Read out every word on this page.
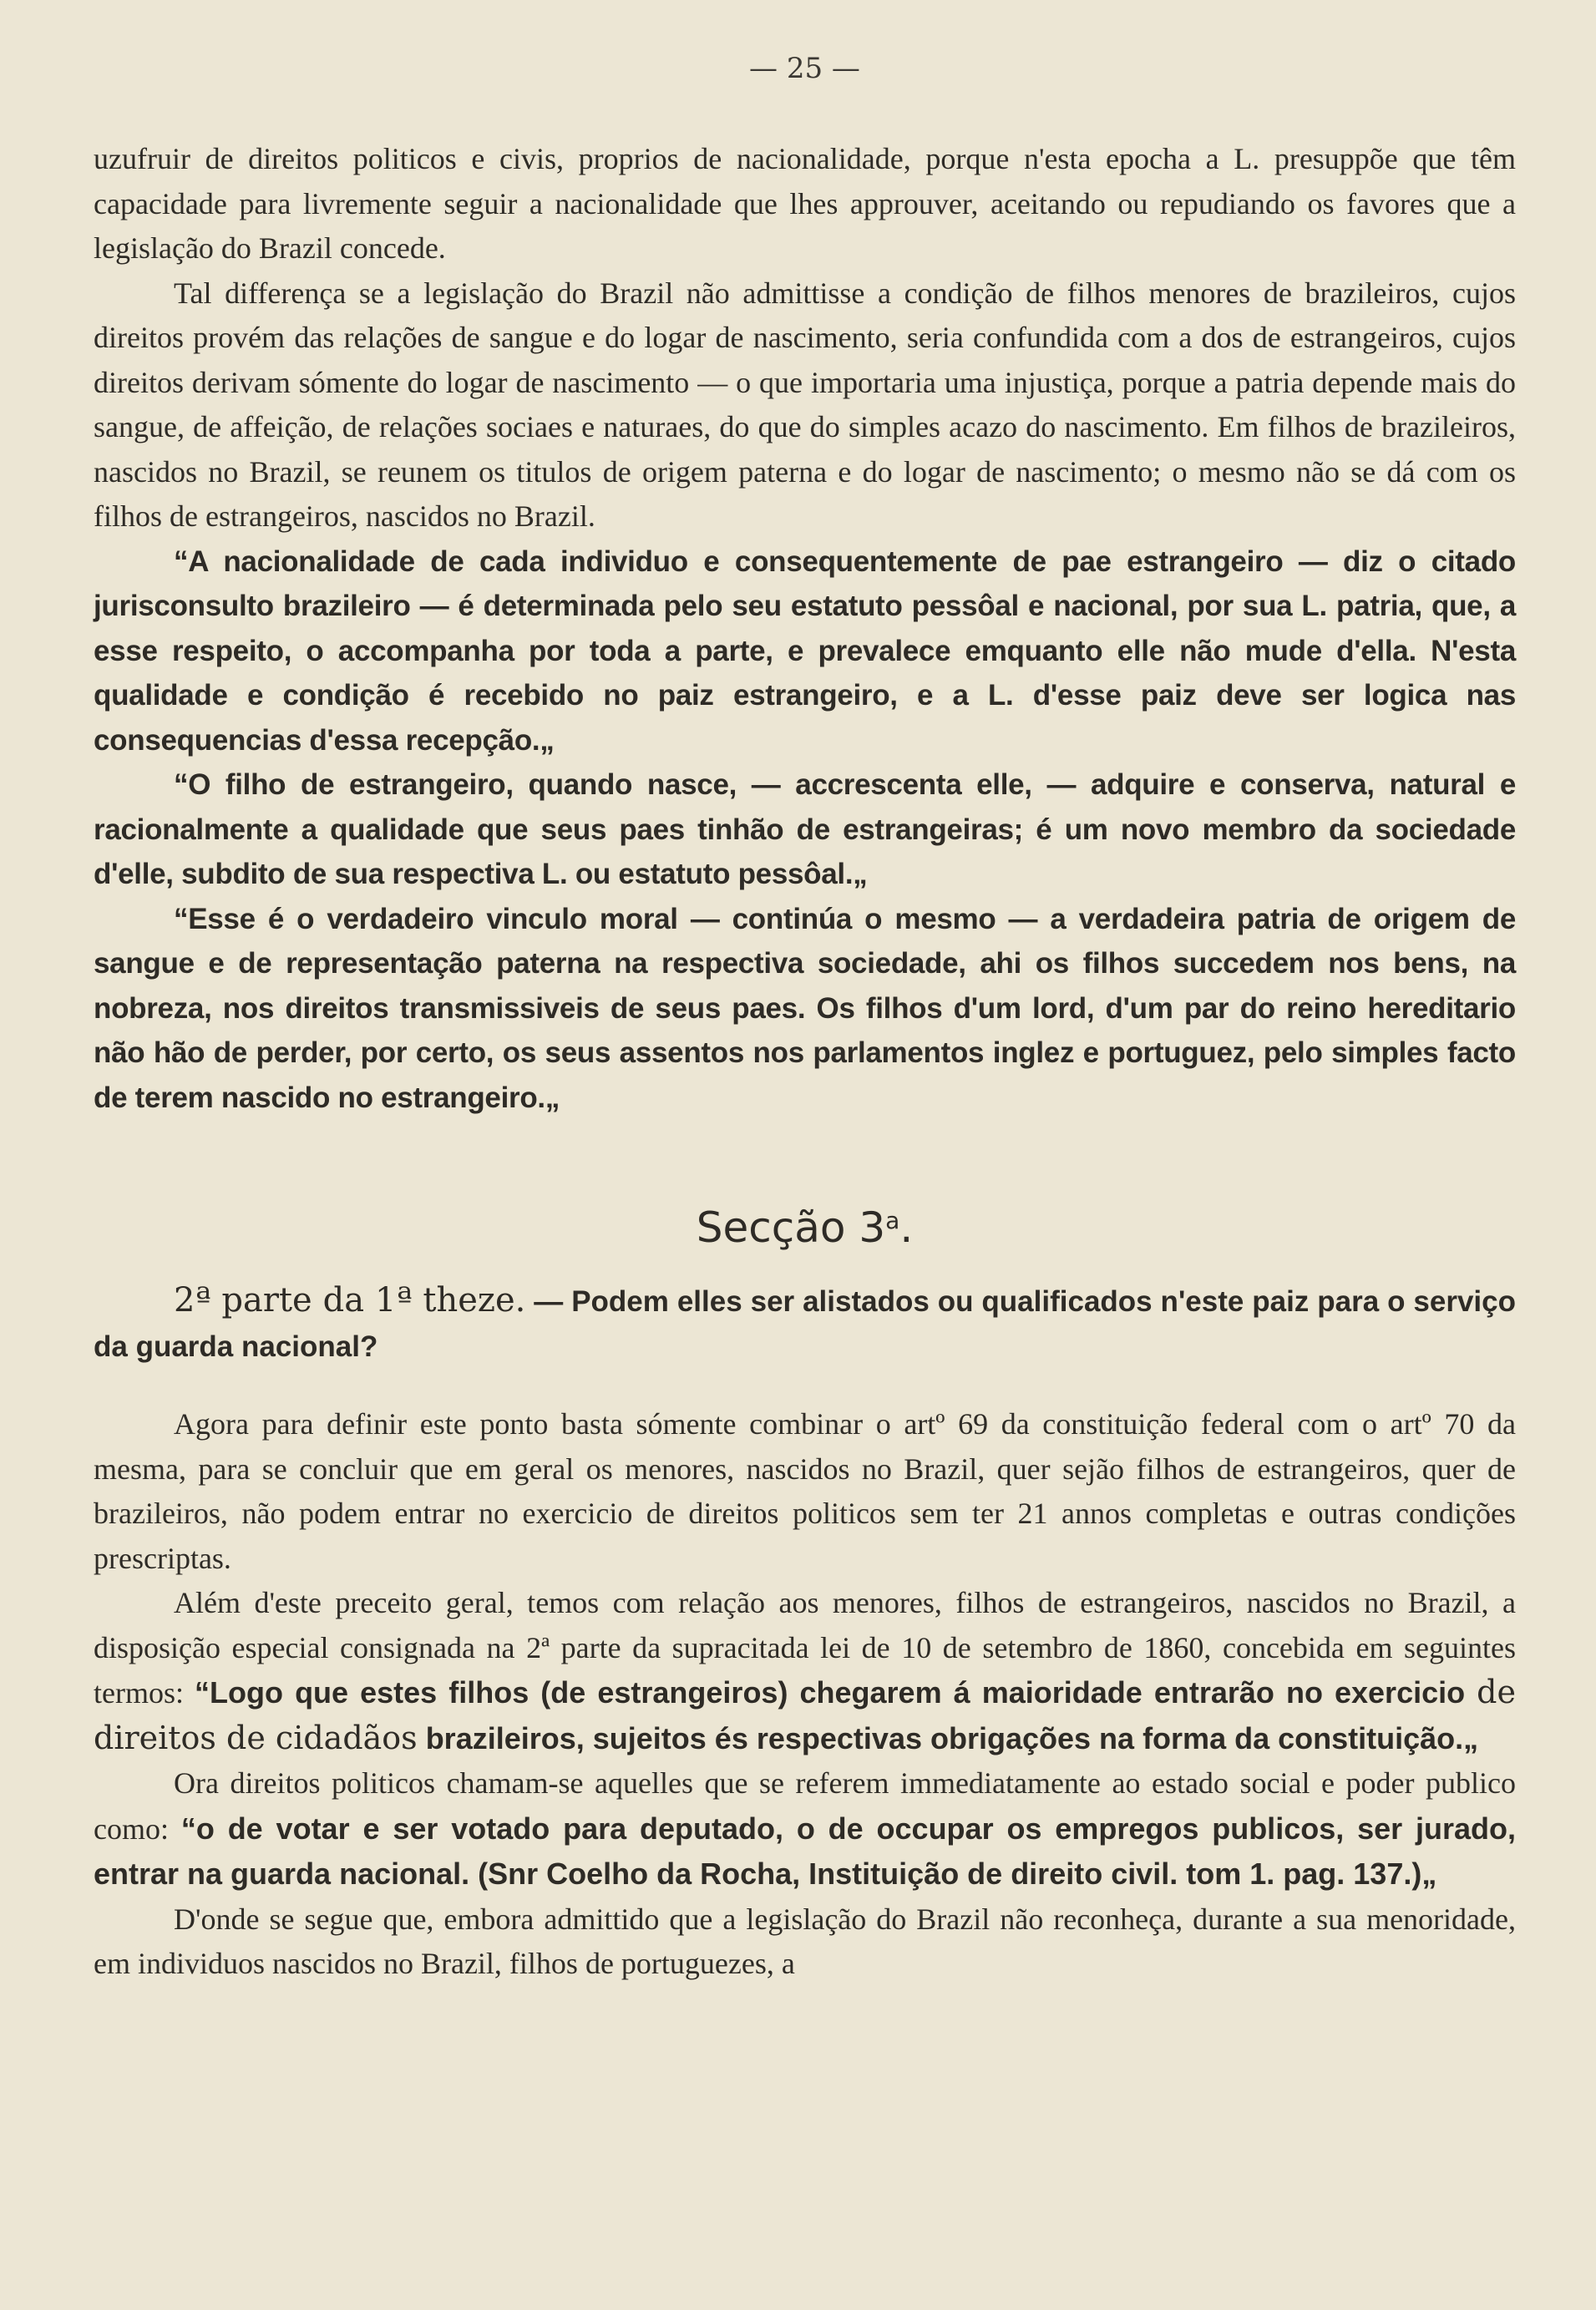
— 25 —

uzufruir de direitos politicos e civis, proprios de nacionalidade, porque n'esta epocha a L. presuppõe que têm capacidade para livremente seguir a nacionalidade que lhes approuver, aceitando ou repudiando os favores que a legislação do Brazil concede.

Tal differença se a legislação do Brazil não admittisse a condição de filhos menores de brazileiros, cujos direitos provém das relações de sangue e do logar de nascimento, seria confundida com a dos de estrangeiros, cujos direitos derivam sómente do logar de nascimento — o que importaria uma injustiça, porque a patria depende mais do sangue, de affeição, de relações sociaes e naturaes, do que do simples acazo do nascimento. Em filhos de brazileiros, nascidos no Brazil, se reunem os titulos de origem paterna e do logar de nascimento; o mesmo não se dá com os filhos de estrangeiros, nascidos no Brazil.

“A nacionalidade de cada individuo e consequentemente de pae estrangeiro — diz o citado jurisconsulto brazileiro — é determinada pelo seu estatuto pessôal e nacional, por sua L. patria, que, a esse respeito, o accompanha por toda a parte, e prevalece emquanto elle não mude d'ella. N'esta qualidade e condição é recebido no paiz estrangeiro, e a L. d'esse paiz deve ser logica nas consequencias d'essa recepção.„

“O filho de estrangeiro, quando nasce, — accrescenta elle, — adquire e conserva, natural e racionalmente a qualidade que seus paes tinhão de estrangeiras; é um novo membro da sociedade d'elle, subdito de sua respectiva L. ou estatuto pessôal.„

“Esse é o verdadeiro vinculo moral — continúa o mesmo — a verdadeira patria de origem de sangue e de representação paterna na respectiva sociedade, ahi os filhos succedem nos bens, na nobreza, nos direitos transmissiveis de seus paes. Os filhos d'um lord, d'um par do reino hereditario não hão de perder, por certo, os seus assentos nos parlamentos inglez e portuguez, pelo simples facto de terem nascido no estrangeiro.„

Secção 3$^a$.

2ª parte da 1ª theze. — Podem elles ser alistados ou qualificados n'este paiz para o serviço da guarda nacional?

Agora para definir este ponto basta sómente combinar o artº 69 da constituição federal com o artº 70 da mesma, para se concluir que em geral os menores, nascidos no Brazil, quer sejão filhos de estrangeiros, quer de brazileiros, não podem entrar no exercicio de direitos politicos sem ter 21 annos completas e outras condições prescriptas.

Além d'este preceito geral, temos com relação aos menores, filhos de estrangeiros, nascidos no Brazil, a disposição especial consignada na 2ª parte da supracitada lei de 10 de setembro de 1860, concebida em seguintes termos: “Logo que estes filhos (de estrangeiros) chegarem á maioridade entrarão no exercicio de direitos de cidadãos brazileiros, sujeitos és respectivas obrigações na forma da constituição.„

Ora direitos politicos chamam-se aquelles que se referem immediatamente ao estado social e poder publico como: “o de votar e ser votado para deputado, o de occupar os empregos publicos, ser jurado, entrar na guarda nacional. (Snr Coelho da Rocha, Instituição de direito civil. tom 1. pag. 137.)„

D'onde se segue que, embora admittido que a legislação do Brazil não reconheça, durante a sua menoridade, em individuos nascidos no Brazil, filhos de portuguezes, a
